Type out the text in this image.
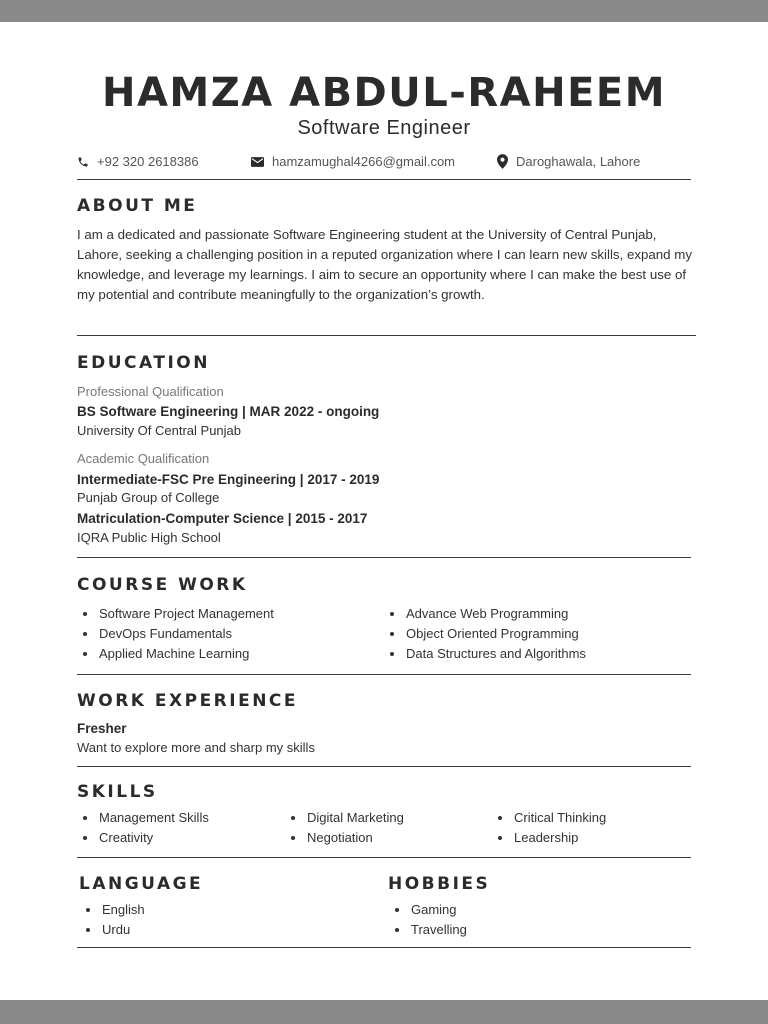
HAMZA ABDUL-RAHEEM
Software Engineer
+92 320 2618386	hamzamughal4266@gmail.com	Daroghawala, Lahore
ABOUT ME
I am a dedicated and passionate Software Engineering student at the University of Central Punjab, Lahore, seeking a challenging position in a reputed organization where I can learn new skills, expand my knowledge, and leverage my learnings. I aim to secure an opportunity where I can make the best use of my potential and contribute meaningfully to the organization’s growth.
EDUCATION
Professional Qualification
BS Software Engineering | MAR 2022 - ongoing
University Of Central Punjab
Academic Qualification
Intermediate-FSC Pre Engineering | 2017 - 2019
Punjab Group of College
Matriculation-Computer Science | 2015 - 2017
IQRA Public High School
COURSE WORK
• Software Project Management
• DevOps Fundamentals
• Applied Machine Learning
• Advance Web Programming
• Object Oriented Programming
• Data Structures and Algorithms
WORK EXPERIENCE
Fresher
Want to explore more and sharp my skills
SKILLS
• Management Skills
• Creativity
• Digital Marketing
• Negotiation
• Critical Thinking
• Leadership
LANGUAGE
• English
• Urdu
HOBBIES
• Gaming
• Travelling
